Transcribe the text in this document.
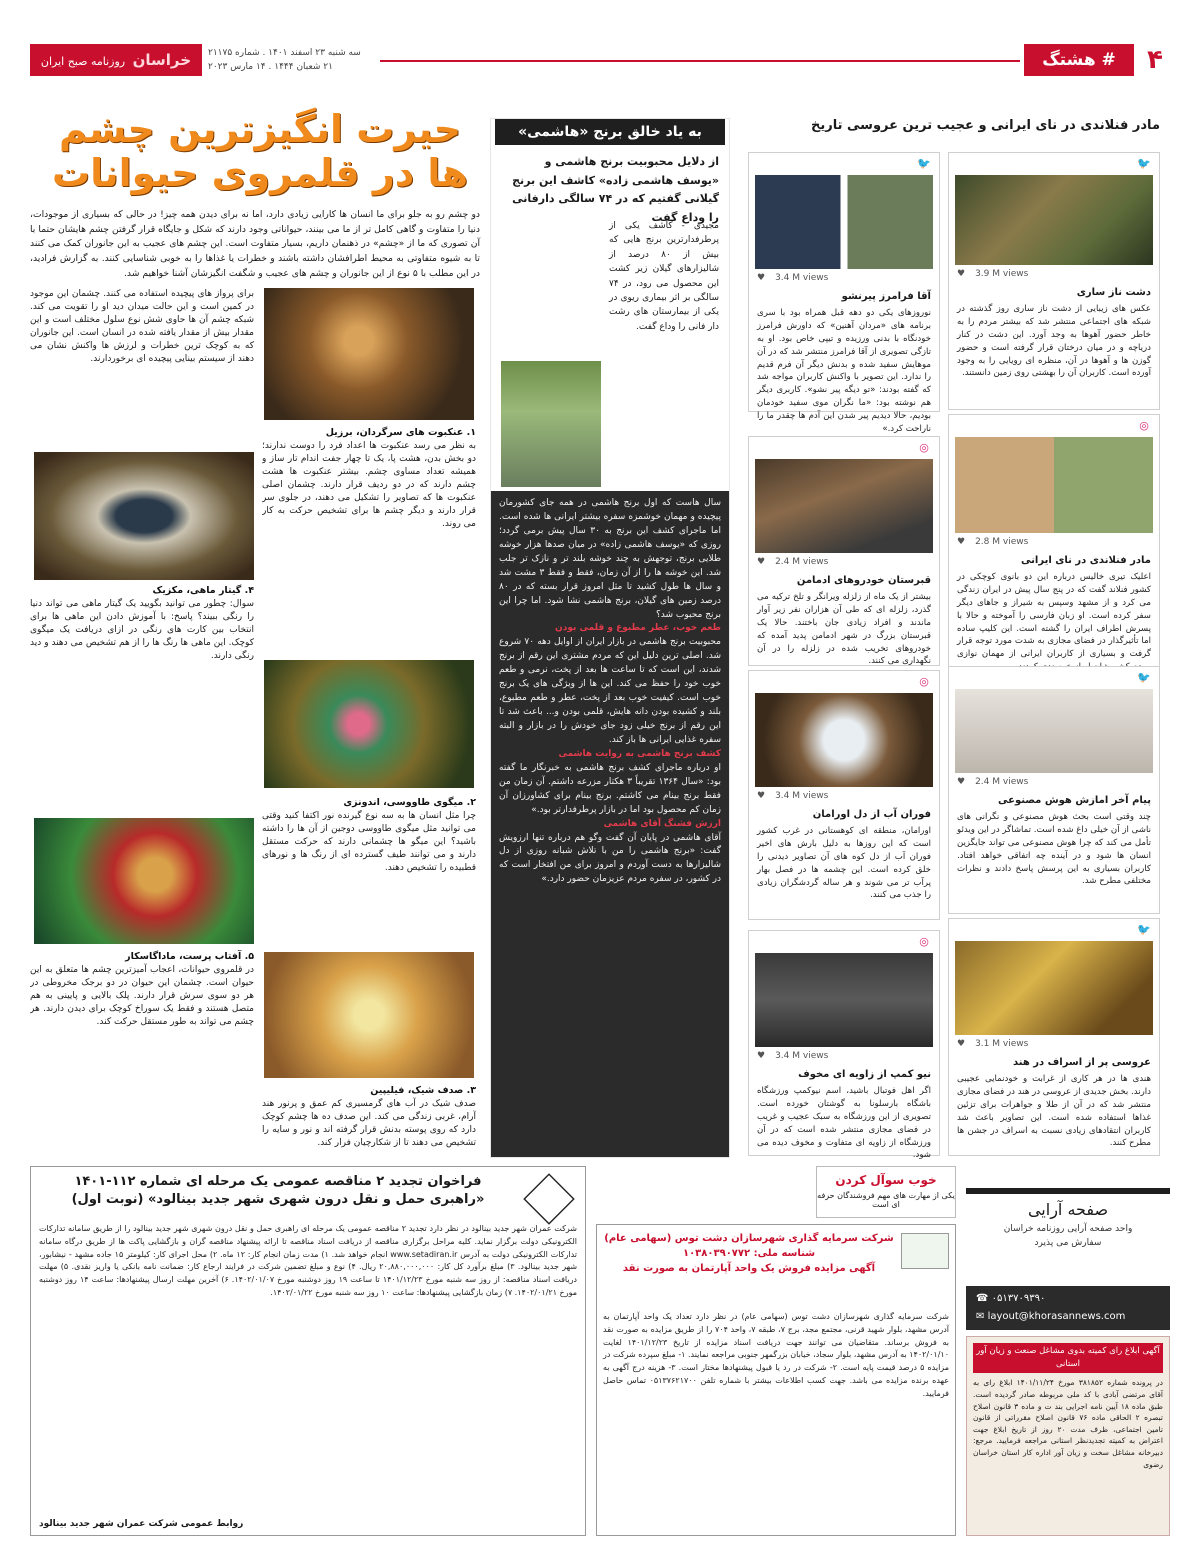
۴
# هشتگ
سه شنبه ۲۳ اسفند ۱۴۰۱ . شماره ۲۱۱۷۵
۲۱ شعبان ۱۴۴۴ . ۱۴ مارس ۲۰۲۳
خراسان روزنامه صبح ایران
مادر فنلاندی در نای ایرانی و عجیب ترین عروسی تاریخ
🐦
♥ 3.9 M views
دشت ناز ساری
عکس های زیبایی از دشت ناز ساری روز گذشته در شبکه های اجتماعی منتشر شد که بیشتر مردم را به خاطر حضور آهوها به وجد آورد. این دشت در کنار دریاچه و در میان درختان قرار گرفته است و حضور گوزن ها و آهوها در آن، منظره ای رویایی را به وجود آورده است. کاربران آن را بهشتی روی زمین دانستند.
🐦
♥ 3.4 M views
آقا فرامرز پیرنشو
نوروزهای یکی دو دهه قبل همراه بود با سری برنامه های «مردان آهنین» که داورش فرامرز خودنگاه با بدنی ورزیده و تیپی خاص بود. او به تازگی تصویری از آقا فرامرز منتشر شد که در آن موهایش سفید شده و بدنش دیگر آن فرم قدیم را ندارد. این تصویر با واکنش کاربران مواجه شد که گفته بودند: «تو دیگه پیر نشو». کاربری دیگر هم نوشته بود: «ما نگران موی سفید خودمان بودیم، حالا دیدیم پیر شدن این آدم ها چقدر ما را ناراحت کرد.»	◎
♥ 2.8 M views
مادر فنلاندی در نای ایرانی
اعلیک تیری خالیس درباره این دو بانوی کوچکی در کشور فنلاند گفت که در پنج سال پیش در ایران زندگی می کرد و از مشهد وسپس به شیراز و جاهای دیگر سفر کرده است. او زبان فارسی را آموخته و حالا با پسرش اطراف ایران را گشته است. این کلیپ ساده اما تأثیرگذار در فضای مجازی به شدت مورد توجه قرار گرفت و بسیاری از کاربران ایرانی از مهمان نوازی
◎
♥ 2.4 M views
قبرستان خودروهای ادمامن
بیشتر از یک ماه از زلزله ویرانگر و تلخ ترکیه می گذرد، زلزله ای که طی آن هزاران نفر زیر آوار ماندند و افراد زیادی جان باختند. حالا یک قبرستان بزرگ در شهر ادمامن پدید آمده که خودروهای تخریب شده در زلزله را در آن نگهداری می کنند.
🐦
♥ 2.4 M views
پیام آخر امازش هوش مصنوعی
چند وقتی است بحث هوش مصنوعی و نگرانی های ناشی از آن خیلی داغ شده است. تماشاگر در این ویدئو تأمل می کند که چرا هوش مصنوعی می تواند جایگزین انسان ها شود و در آینده چه اتفاقی خواهد افتاد. کاربران بسیاری به این پرسش پاسخ دادند و نظرات مختلفی مطرح شد.
◎
♥ 3.4 M views
فوران آب از دل اورامان
اورامان، منطقه ای کوهستانی در غرب کشور است که این روزها به دلیل بارش های اخیر فوران آب از دل کوه های آن تصاویر دیدنی را خلق کرده است. این چشمه ها در فصل بهار پرآب تر می شوند و هر ساله گردشگران زیادی را جذب می کنند.
🐦
♥ 3.1 M views
عروسی پر از اسراف در هند
هندی ها در هر کاری از غرابت و خودنمایی عجیبی دارند. بخش جدیدی از عروسی در هند در فضای مجازی منتشر شد که در آن از طلا و جواهرات برای تزئین غذاها استفاده شده است. این تصاویر باعث شد کاربران انتقادهای زیادی نسبت به اسراف در جشن ها مطرح کنند.
◎
♥ 3.4 M views
نیو کمپ از زاویه ای مخوف
اگر اهل فوتبال باشید، اسم نیوکمپ ورزشگاه باشگاه بارسلونا به گوشتان خورده است. تصویری از این ورزشگاه به سبک عجیب و غریب در فضای مجازی منتشر شده است که در آن ورزشگاه از زاویه ای متفاوت و مخوف دیده می شود.
به یاد خالق برنج «هاشمی»
از دلایل محبوبیت برنج هاشمی و «یوسف هاشمی زاده» کاشف این برنج گیلانی گفتیم که در ۷۴ سالگی دارفانی را وداع گفت
مجیدی - کاشف یکی از پرطرفدارترین برنج هایی که بیش از ۸۰ درصد از شالیزارهای گیلان زیر کشت این محصول می رود، در ۷۴ سالگی بر اثر بیماری ریوی در یکی از بیمارستان های رشت دار فانی را وداع گفت.

سال هاست که اول برنج هاشمی در همه جای کشورمان پیچیده و مهمان خوشمزه سفره بیشتر ایرانی ها شده است. اما ماجرای کشف این برنج به ۳۰ سال پیش برمی گردد؛ روزی که «یوسف هاشمی زاده» در میان صدها هزار خوشه طلایی برنج، توجهش به چند خوشه بلند تر و نازک تر جلب شد. این خوشه ها را از آن زمان، فقط و فقط ۳ مشت شد و سال ها طول کشید تا مثل امروز قرار بسته که در ۸۰ درصد زمین های گیلان، برنج هاشمی نشا شود. اما چرا این برنج محبوب شد؟

طعم خوب، عطر مطبوع و قلمی بودن

محبوبیت برنج هاشمی در بازار ایران از اوایل دهه ۷۰ شروع شد. اصلی ترین دلیل این که مردم مشتری این رقم از برنج شدند، این است که تا ساعت ها بعد از پخت، نرمی و طعم خوب خود را حفظ می کند. این ها از ویژگی های یک برنج خوب است. کیفیت خوب بعد از پخت، عطر و طعم مطبوع، بلند و کشیده بودن دانه هایش، قلمی بودن و... باعث شد تا این رقم از برنج خیلی زود جای خودش را در بازار و البته سفره غذایی ایرانی ها باز کند.

کشف برنج هاشمی به روایت هاشمی

او درباره ماجرای کشف برنج هاشمی به خبرنگار ما گفته بود: «سال ۱۳۶۴ تقریباً ۳ هکتار مزرعه داشتم. آن زمان من فقط برنج بینام می کاشتم. برنج بینام برای کشاورزان آن زمان کم محصول بود اما در بازار پرطرفدارتر بود.»

ارزش فشنگ آقای هاشمی

آقای هاشمی در پایان آن گفت وگو هم درباره تنها ارزویش گفت: «برنج هاشمی را من با تلاش شبانه روزی از دل شالیزارها به دست آوردم و امروز برای من افتخار است که در کشور، در سفره مردم عزیزمان حضور دارد.»

حیرت انگیزترین چشم ها در قلمروی حیوانات
دو چشم رو به جلو برای ما انسان ها کارایی زیادی دارد، اما نه برای دیدن همه چیز! در حالی که بسیاری از موجودات، دنیا را متفاوت و گاهی کامل تر از ما می بینند، حیواناتی وجود دارند که شکل و جایگاه قرار گرفتن چشم هایشان حتما با آن تصوری که ما از «چشم» در ذهنمان داریم، بسیار متفاوت است. این چشم های عجیب به این جانوران کمک می کنند تا به شیوه متفاوتی به محیط اطرافشان داشته باشند و خطرات یا غذاها را به خوبی شناسایی کنند. به گزارش فرادید، در این مطلب با ۵ نوع از این جانوران و چشم های عجیب و شگفت انگیزشان آشنا خواهیم شد.
۱. عنکبوت های سرگردان، برزیل
به نظر می رسد عنکبوت ها اعداد فرد را دوست ندارند؛ دو بخش بدن، هشت پا، یک تا چهار جفت اندام تار ساز و همیشه تعداد مساوی چشم. بیشتر عنکبوت ها هشت چشم دارند که در دو ردیف قرار دارند. چشمان اصلی عنکبوت ها که تصاویر را تشکیل می دهند، در جلوی سر قرار دارند و دیگر چشم ها برای تشخیص حرکت به کار می روند.
۲. میگوی طاووسی، اندونزی
چرا مثل انسان ها به سه نوع گیرنده نور اکتفا کنید وقتی می توانید مثل میگوی طاووسی دوجین از آن ها را داشته باشید؟ این میگو ها چشمانی دارند که حرکت مستقل دارند و می توانند طیف گسترده ای از رنگ ها و نورهای قطبیده را تشخیص دهند.
۳. صدف شیک، فیلیپین
صدف شیک در آب های گرمسیری کم عمق و پرنور هند آرام، غربی زندگی می کند. این صدف ده ها چشم کوچک دارد که روی پوسته بدنش قرار گرفته اند و نور و سایه را تشخیص می دهند تا از شکارچیان فرار کند.
برای پرواز های پیچیده استفاده می کنند. چشمان این موجود در کمین است و این حالت میدان دید او را تقویت می کند. شبکه چشم آن ها حاوی شش نوع سلول مختلف است و این مقدار بیش از مقدار یافته شده در انسان است. این جانوران که به کوچک ترین خطرات و لرزش ها واکنش نشان می دهند از سیستم بینایی پیچیده ای برخوردارند.
۴. گیتار ماهی، مکزیک
سوال: چطور می توانید بگویید یک گیتار ماهی می تواند دنیا را رنگی ببیند؟ پاسخ: با آموزش دادن این ماهی ها برای انتخاب بین کارت های رنگی در ازای دریافت یک میگوی کوچک. این ماهی ها رنگ ها را از هم تشخیص می دهند و دید رنگی دارند.
۵. آفتاب پرست، ماداگاسکار
در قلمروی حیوانات، اعجاب آمیزترین چشم ها متعلق به این حیوان است. چشمان این حیوان در دو برجک مخروطی در هر دو سوی سرش قرار دارند. پلک بالایی و پایینی به هم متصل هستند و فقط یک سوراخ کوچک برای دیدن دارند. هر چشم می تواند به طور مستقل حرکت کند.
فراخوان تجدید ۲ مناقصه عمومی یک مرحله ای شماره ۱۱۲-۱۴۰۱
«راهبری حمل و نقل درون شهری شهر جدید بینالود» (نوبت اول)
شرکت عمران شهر جدید بینالود در نظر دارد تجدید ۲ مناقصه عمومی یک مرحله ای راهبری حمل و نقل درون شهری شهر جدید بینالود را از طریق سامانه تدارکات الکترونیکی دولت برگزار نماید. کلیه مراحل برگزاری مناقصه از دریافت اسناد مناقصه تا ارائه پیشنهاد مناقصه گران و بازگشایی پاکت ها از طریق درگاه سامانه تدارکات الکترونیکی دولت به آدرس www.setadiran.ir انجام خواهد شد. ۱) مدت زمان انجام کار: ۱۲ ماه. ۲) محل اجرای کار: کیلومتر ۱۵ جاده مشهد - نیشابور، شهر جدید بینالود. ۳) مبلغ برآورد کل کار: ۲۰,۸۸۰,۰۰۰,۰۰۰ ریال. ۴) نوع و مبلغ تضمین شرکت در فرایند ارجاع کار: ضمانت نامه بانکی یا واریز نقدی. ۵) مهلت دریافت اسناد مناقصه: از روز سه شنبه مورخ ۱۴۰۱/۱۲/۲۳ تا ساعت ۱۹ روز دوشنبه مورخ ۱۴۰۲/۰۱/۰۷. ۶) آخرین مهلت ارسال پیشنهادها: ساعت ۱۴ روز دوشنبه مورخ ۱۴۰۲/۰۱/۲۱. ۷) زمان بازگشایی پیشنهادها: ساعت ۱۰ روز سه شنبه مورخ ۱۴۰۲/۰۱/۲۲.
روابط عمومی شرکت عمران شهر جدید بینالود
خوب سوآل کردن
یکی از مهارت های مهم فروشندگان حرفه ای است
شرکت سرمایه گذاری شهرسازان دشت توس (سهامی عام)
شناسه ملی: ۱۰۳۸۰۳۹۰۷۷۲
آگهی مزایده فروش یک واحد آپارتمان به صورت نقد
شرکت سرمایه گذاری شهرسازان دشت توس (سهامی عام) در نظر دارد تعداد یک واحد آپارتمان به آدرس مشهد، بلوار شهید قرنی، مجتمع مجد، برج ۷، طبقه ۷، واحد ۷۰۴ را از طریق مزایده به صورت نقد به فروش برساند. متقاضیان می توانند جهت دریافت اسناد مزایده از تاریخ ۱۴۰۱/۱۲/۲۳ لغایت ۱۴۰۲/۰۱/۱۰ به آدرس مشهد، بلوار سجاد، خیابان بزرگمهر جنوبی مراجعه نمایند. ۱- مبلغ سپرده شرکت در مزایده ۵ درصد قیمت پایه است. ۲- شرکت در رد یا قبول پیشنهادها مختار است. ۳- هزینه درج آگهی به عهده برنده مزایده می باشد. جهت کسب اطلاعات بیشتر با شماره تلفن ۰۵۱۳۷۶۲۱۷۰۰ تماس حاصل فرمایید.
صفحه آرایی
واحد صفحه آرایی روزنامه خراسان
سفارش می پذیرد
☎ ۰۵۱۳۷۰۹۳۹۰
✉ layout@khorasannews.com
آگهی ابلاغ رای کمیته بدوی مشاغل صنعت و زیان آور استانی
در پرونده شماره ۳۸۱۸۵۲ مورخ ۱۴۰۱/۱۱/۲۴ ابلاغ رای به آقای مرتضی آبادی با کد ملی مربوطه صادر گردیده است. طبق ماده ۱۸ آیین نامه اجرایی بند ت و ماده ۳ قانون اصلاح تبصره ۲ الحاقی ماده ۷۶ قانون اصلاح مقرراتی از قانون تامین اجتماعی، ظرف مدت ۲۰ روز از تاریخ ابلاغ جهت اعتراض به کمیته تجدیدنظر استانی مراجعه فرمایید. مرجع: دبیرخانه مشاغل سخت و زیان آور اداره کار استان خراسان رضوی
